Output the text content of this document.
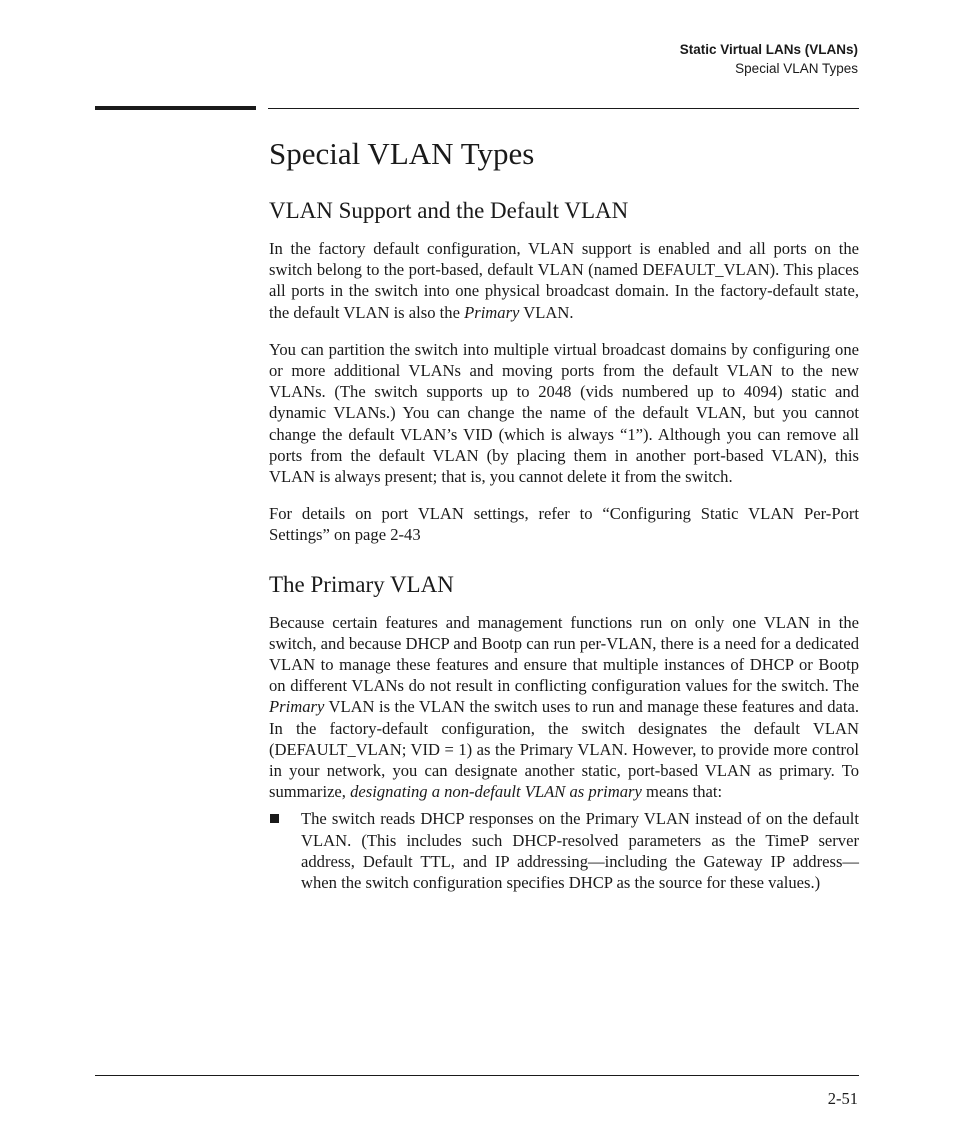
Static Virtual LANs (VLANs)
Special VLAN Types
Special VLAN Types
VLAN Support and the Default VLAN

In the factory default configuration, VLAN support is enabled and all ports on the switch belong to the port-based, default VLAN (named DEFAULT_VLAN). This places all ports in the switch into one physical broadcast domain. In the factory-default state, the default VLAN is also the Primary VLAN.

You can partition the switch into multiple virtual broadcast domains by configuring one or more additional VLANs and moving ports from the default VLAN to the new VLANs. (The switch supports up to 2048 (vids numbered up to 4094) static and dynamic VLANs.) You can change the name of the default VLAN, but you cannot change the default VLAN’s VID (which is always “1”). Although you can remove all ports from the default VLAN (by placing them in another port-based VLAN), this VLAN is always present; that is, you cannot delete it from the switch.

For details on port VLAN settings, refer to “Configuring Static VLAN Per-Port Settings” on page 2-43

The Primary VLAN

Because certain features and management functions run on only one VLAN in the switch, and because DHCP and Bootp can run per-VLAN, there is a need for a dedicated VLAN to manage these features and ensure that multiple instances of DHCP or Bootp on different VLANs do not result in conflicting configuration values for the switch. The Primary VLAN is the VLAN the switch uses to run and manage these features and data. In the factory-default configuration, the switch designates the default VLAN (DEFAULT_VLAN; VID = 1) as the Primary VLAN. However, to provide more control in your network, you can designate another static, port-based VLAN as primary. To summarize, designating a non-default VLAN as primary means that:

The switch reads DHCP responses on the Primary VLAN instead of on the default VLAN. (This includes such DHCP-resolved parameters as the TimeP server address, Default TTL, and IP addressing—including the Gateway IP address—when the switch configuration specifies DHCP as the source for these values.)
2-51
